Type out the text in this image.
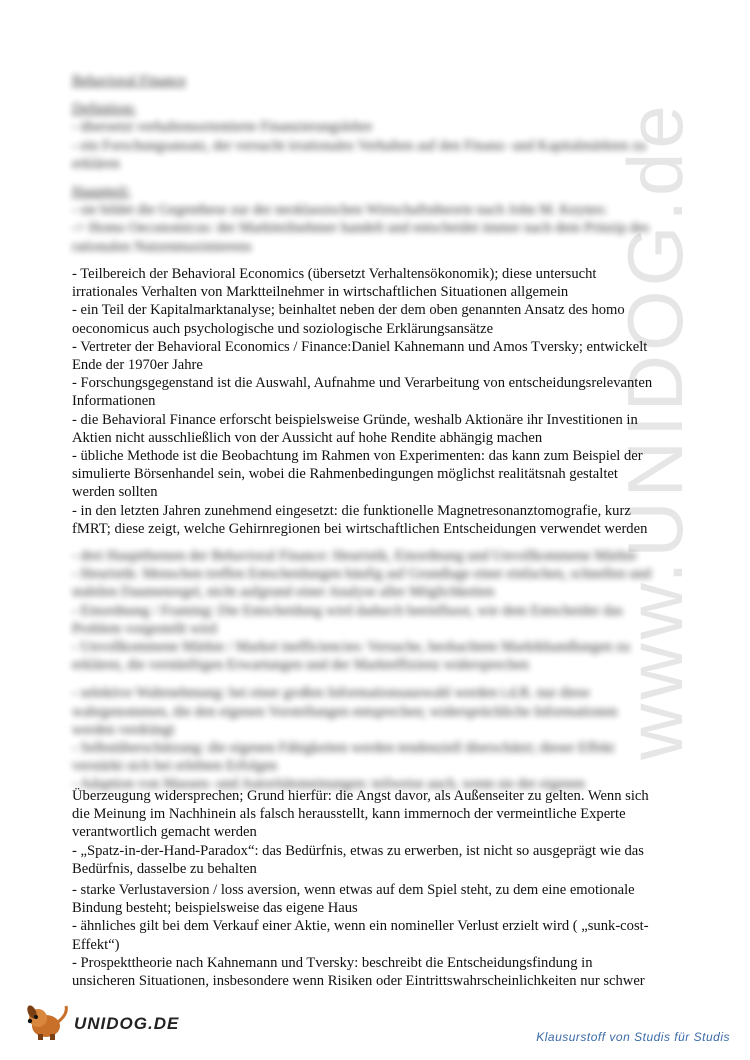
www.UNIDOG.de
Behavioral Finance
Definition:
- übersetzt verhaltensorientierte Finanzierungslehre
- ein Forschungsansatz, der versucht irrationales Verhalten auf den Finanz- und Kapitalmärkten zu
erklären
Hauptteil:
- sie bildet die Gegenthese zur der neoklassischen Wirtschaftstheorie nach John M. Keynes:
-> Homo Oeconomicus: der Marktteilnehmer handelt und entscheidet immer nach dem Prinzip des
rationalen Nutzenmaximierens
- Teilbereich der Behavioral Economics (übersetzt Verhaltensökonomik); diese untersucht
irrationales Verhalten von Marktteilnehmer in wirtschaftlichen Situationen allgemein
- ein Teil der Kapitalmarktanalyse; beinhaltet neben der dem oben genannten Ansatz des homo
oeconomicus auch psychologische und soziologische Erklärungsansätze
- Vertreter der Behavioral Economics / Finance:Daniel Kahnemann und Amos Tversky; entwickelt
Ende der 1970er Jahre
- Forschungsgegenstand ist die Auswahl, Aufnahme und Verarbeitung von entscheidungsrelevanten
Informationen
- die Behavioral Finance erforscht beispielsweise Gründe, weshalb Aktionäre ihr Investitionen in
Aktien nicht ausschließlich von der Aussicht auf hohe Rendite abhängig machen
- übliche Methode ist die Beobachtung im Rahmen von Experimenten: das kann zum Beispiel der
simulierte Börsenhandel sein, wobei die Rahmenbedingungen möglichst realitätsnah gestaltet
werden sollten
- in den letzten Jahren zunehmend eingesetzt: die funktionelle Magnetresonanztomografie, kurz
fMRT; diese zeigt, welche Gehirnregionen bei wirtschaftlichen Entscheidungen verwendet werden
- drei Hauptthemen der Behavioral Finance: Heuristik, Einordnung und Unvollkommene Märkte
- Heuristik: Menschen treffen Entscheidungen häufig auf Grundlage einer einfachen, schnellen und
stabilen Daumenregel, nicht aufgrund einer Analyse aller Möglichkeiten
- Einordnung / Framing: Die Entscheidung wird dadurch beeinflusst, wie dem Entscheider das
Problem vorgestellt wird
- Unvollkommene Märkte / Market inefficiencies: Versuche, beobachtete Marktkhandlungen zu
erklären, die vernünftigen Erwartungen und der Markteffizienz widersprechen
- selektive Wahrnehmung: bei einer großen Informationsauswahl werden i.d.R. nur diese
wahrgenommen, die den eigenen Vorstellungen entsprechen; widersprüchliche Informationen
werden verdrängt
- Selbstüberschätzung: die eigenen Fähigkeiten werden tendenziell überschätzt; dieser Effekt
verstärkt sich bei erlebten Erfolgen
- Adaption von Massen- und Autoritätsmeinungen: teilweise auch, wenn sie der eigenen
Überzeugung widersprechen; Grund hierfür: die Angst davor, als Außenseiter zu gelten. Wenn sich
die Meinung im Nachhinein als falsch herausstellt, kann immernoch der vermeintliche Experte
verantwortlich gemacht werden
- „Spatz-in-der-Hand-Paradox“: das Bedürfnis, etwas zu erwerben, ist nicht so ausgeprägt wie das
Bedürfnis, dasselbe zu behalten
- starke Verlustaversion / loss aversion, wenn etwas auf dem Spiel steht, zu dem eine emotionale
Bindung besteht; beispielsweise das eigene Haus
- ähnliches gilt bei dem Verkauf einer Aktie, wenn ein nomineller Verlust erzielt wird ( „sunk-cost-
Effekt“)
- Prospekttheorie nach Kahnemann und Tversky: beschreibt die Entscheidungsfindung in
unsicheren Situationen, insbesondere wenn Risiken oder Eintrittswahrscheinlichkeiten nur schwer
UNIDOG.DE
Klausurstoff von Studis für Studis
